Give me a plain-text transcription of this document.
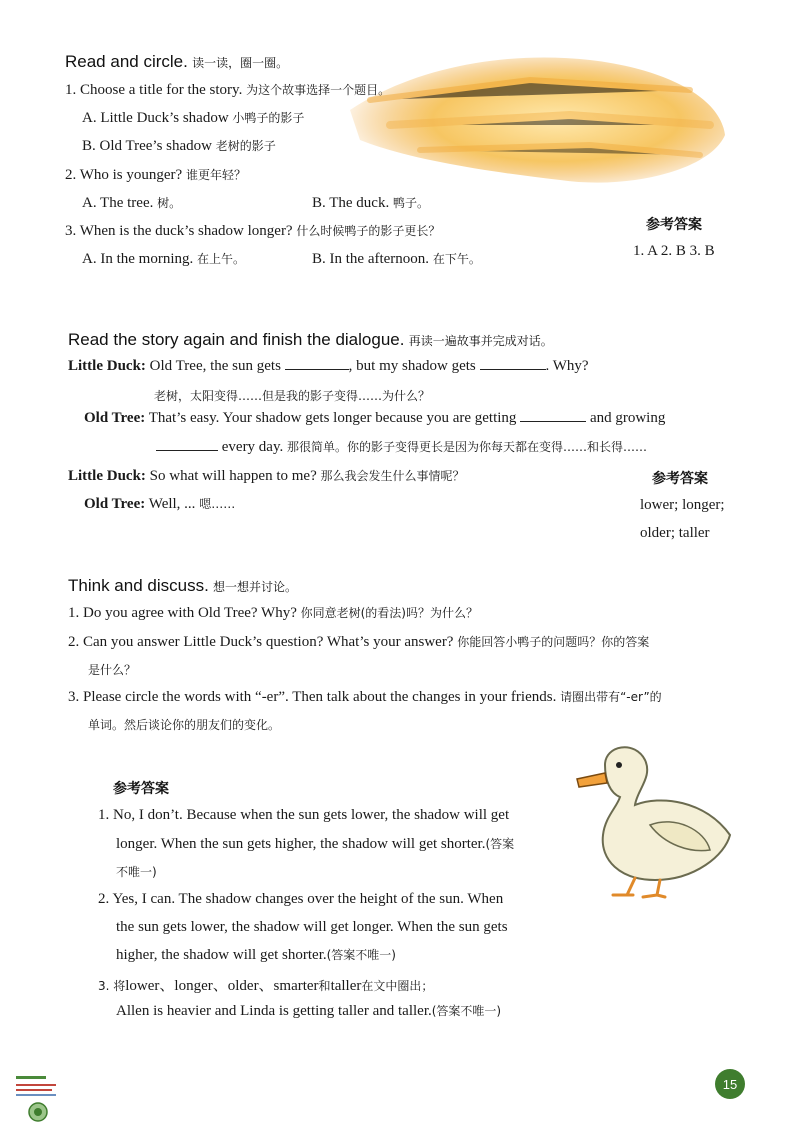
Read and circle. 读一读，圈一圈。
1. Choose a title for the story. 为这个故事选择一个题目。
A. Little Duck’s shadow 小鸭子的影子
B. Old Tree’s shadow 老树的影子
2. Who is younger? 谁更年轻？
A. The tree. 树。	B. The duck. 鸭子。
3. When is the duck’s shadow longer? 什么时候鸭子的影子更长？
A. In the morning. 在上午。	B. In the afternoon. 在下午。
参考答案
1. A 2. B 3. B
Read the story again and finish the dialogue. 再读一遍故事并完成对话。
Little Duck: Old Tree, the sun gets	, but my shadow gets	. Why?
老树，太阳变得……但是我的影子变得……为什么？
Old Tree: That’s easy. Your shadow gets longer because you are getting	and growing
every day. 那很简单。你的影子变得更长是因为你每天都在变得……和长得……
Little Duck: So what will happen to me? 那么我会发生什么事情呢？
Old Tree: Well, ... 嗯……
参考答案
lower; longer;
older; taller
Think and discuss. 想一想并讨论。
1. Do you agree with Old Tree? Why? 你同意老树(的看法)吗？为什么？
2. Can you answer Little Duck’s question? What’s your answer? 你能回答小鸭子的问题吗？你的答案
是什么？
3. Please circle the words with “-er”. Then talk about the changes in your friends. 请圈出带有“-er”的
单词。然后谈论你的朋友们的变化。
参考答案
1. No, I don’t. Because when the sun gets lower, the shadow will get
longer. When the sun gets higher, the shadow will get shorter.(答案
不唯一)
2. Yes, I can. The shadow changes over the height of the sun. When
the sun gets lower, the shadow will get longer. When the sun gets
higher, the shadow will get shorter.(答案不唯一)
3. 将lower、longer、older、smarter和taller在文中圈出；
Allen is heavier and Linda is getting taller and taller.(答案不唯一)
15
